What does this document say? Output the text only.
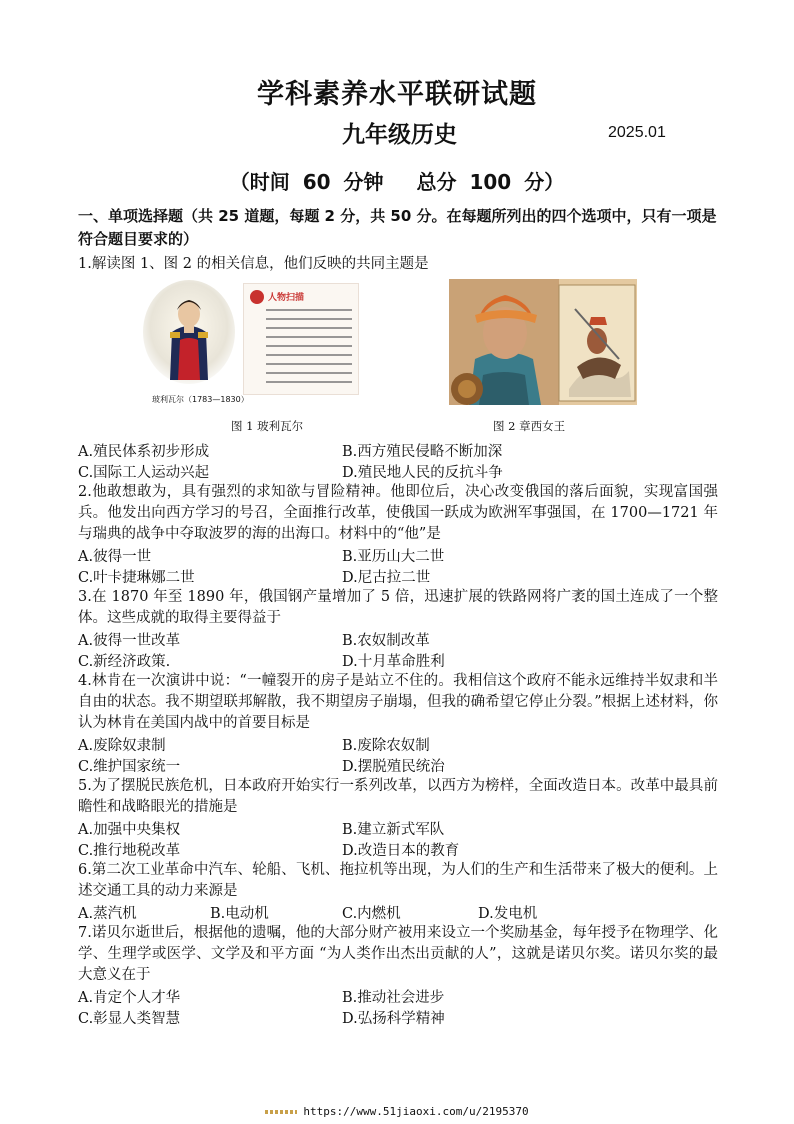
学科素养水平联研试题
九年级历史	2025.01
（时间 60 分钟　 总分 100 分）
一、单项选择题（共 25 道题，每题 2 分，共 50 分。在每题所列出的四个选项中，只有一项是符合题目要求的）
1.解读图 1、图 2 的相关信息，他们反映的共同主题是
玻利瓦尔（1783—1830）
人物扫描
图 1 玻利瓦尔	图 2 章西女王
A.殖民体系初步形成	B.西方殖民侵略不断加深
C.国际工人运动兴起	D.殖民地人民的反抗斗争
2.他敢想敢为，具有强烈的求知欲与冒险精神。他即位后，决心改变俄国的落后面貌，实现富国强兵。他发出向西方学习的号召，全面推行改革，使俄国一跃成为欧洲军事强国，在 1700—1721 年与瑞典的战争中夺取波罗的海的出海口。材料中的“他”是
A.彼得一世	B.亚历山大二世
C.叶卡捷琳娜二世	D.尼古拉二世
3.在 1870 年至 1890 年，俄国钢产量增加了 5 倍，迅速扩展的铁路网将广袤的国土连成了一个整体。这些成就的取得主要得益于
A.彼得一世改革	B.农奴制改革
C.新经济政策.	D.十月革命胜利
4.林肯在一次演讲中说：“一幢裂开的房子是站立不住的。我相信这个政府不能永远维持半奴隶和半自由的状态。我不期望联邦解散，我不期望房子崩塌，但我的确希望它停止分裂。”根据上述材料，你认为林肯在美国内战中的首要目标是
A.废除奴隶制	B.废除农奴制
C.维护国家统一	D.摆脱殖民统治
5.为了摆脱民族危机，日本政府开始实行一系列改革，以西方为榜样，全面改造日本。改革中最具前瞻性和战略眼光的措施是
A.加强中央集权	B.建立新式军队
C.推行地税改革	D.改造日本的教育
6.第二次工业革命中汽车、轮船、飞机、拖拉机等出现，为人们的生产和生活带来了极大的便利。上述交通工具的动力来源是
A.蒸汽机	B.电动机	C.内燃机	D.发电机
7.诺贝尔逝世后，根据他的遗嘱，他的大部分财产被用来设立一个奖励基金，每年授予在物理学、化学、生理学或医学、文学及和平方面 “为人类作出杰出贡献的人”，这就是诺贝尔奖。诺贝尔奖的最大意义在于
A.肯定个人才华	B.推动社会进步
C.彰显人类智慧	D.弘扬科学精神
https://www.51jiaoxi.com/u/2195370
